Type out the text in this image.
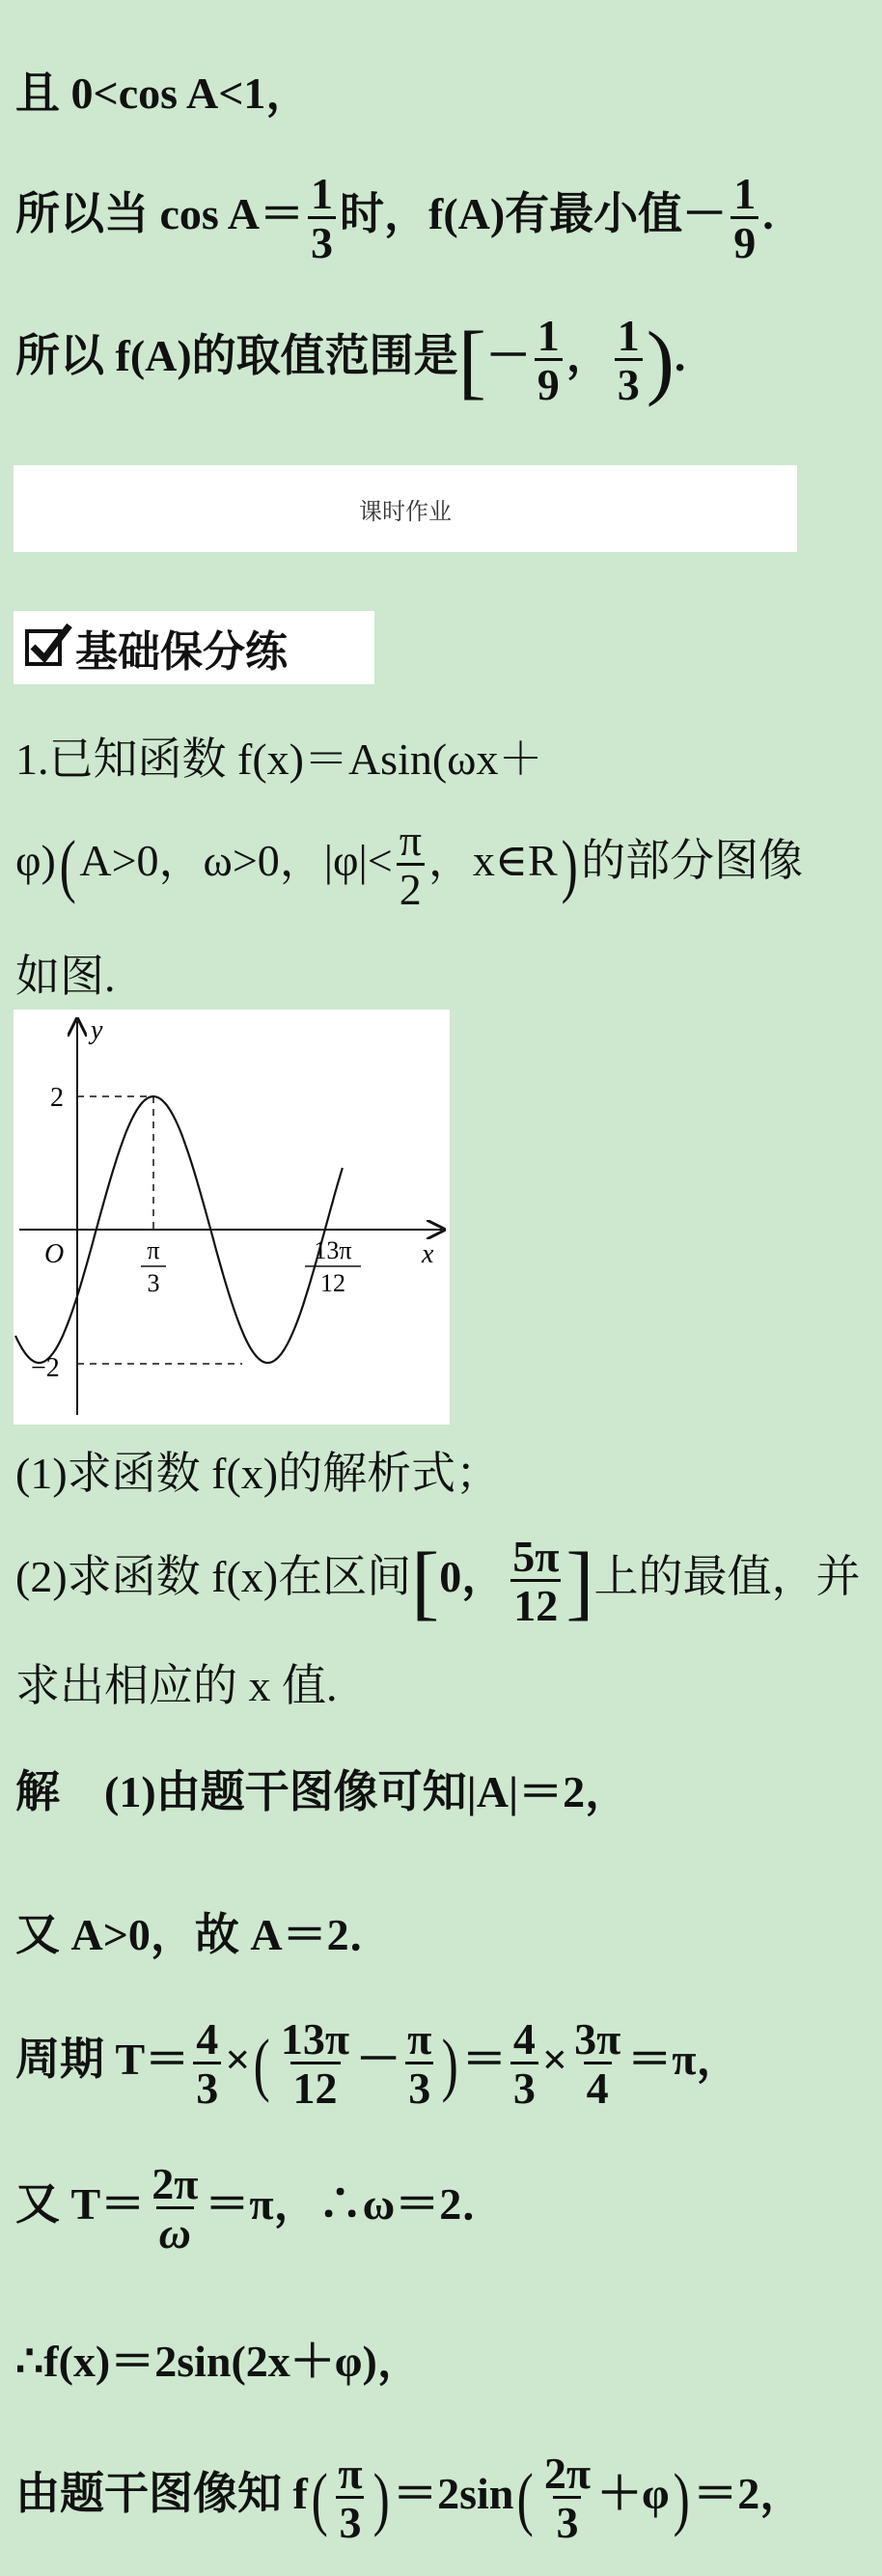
且 0<cos A<1，
所以当 $\cos A= \frac{1}{3}$ 时，f(A)有最小值－ $\frac{1}{9}$ .
所以 f(A)的取值范围是[－ $\frac{1}{9}$ ， $\frac{1}{3}$ ).
课时作业
基础保分练
1.已知函数 f(x)＝Asin(ωx＋
φ)(A>0，ω>0，$|\varphi|< \frac{\pi}{2}$ ，x∈R)的部分图像
如图.
y
x
O
2
−2
π
3
13π
12
(1)求函数 f(x)的解析式；
(2)求函数 f(x)在区间[0， $\frac{5\pi}{12}$ ]上的最值，并
求出相应的 x 值.
解　(1)由题干图像可知|A|＝2，
又 A>0，故 A＝2．
周期 $T= \frac{4}{3}$ ×( $\frac{13\pi}{12} - \frac{\pi}{3}$ )＝ $\frac{4}{3} \times \frac{3\pi}{4} =\pi$，
又 $T= \frac{2\pi}{\omega} =\pi$，∴ω＝2．
∴f(x)＝2sin(2x＋φ)，
由题干图像知 $f( \frac{\pi}{3} )=2\sin( \frac{2\pi}{3} +\varphi)=2$，
